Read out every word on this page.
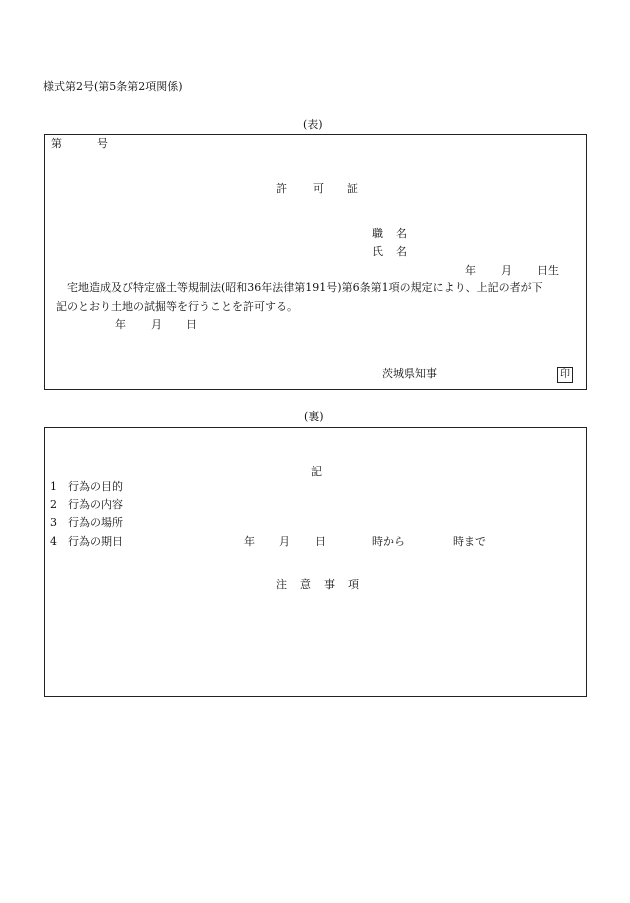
様式第2号(第5条第2項関係)
(表)
第	号
許 可 証
職 名
氏 名
年 月 日生
宅地造成及び特定盛土等規制法(昭和36年法律第191号)第6条第1項の規定により、上記の者が下
記のとおり土地の試掘等を行うことを許可する。
年 月 日
茨城県知事	印
(裏)
記
1 行為の目的
2 行為の内容
3 行為の場所
4 行為の期日	年 月 日	時から	時まで
注 意 事 項
